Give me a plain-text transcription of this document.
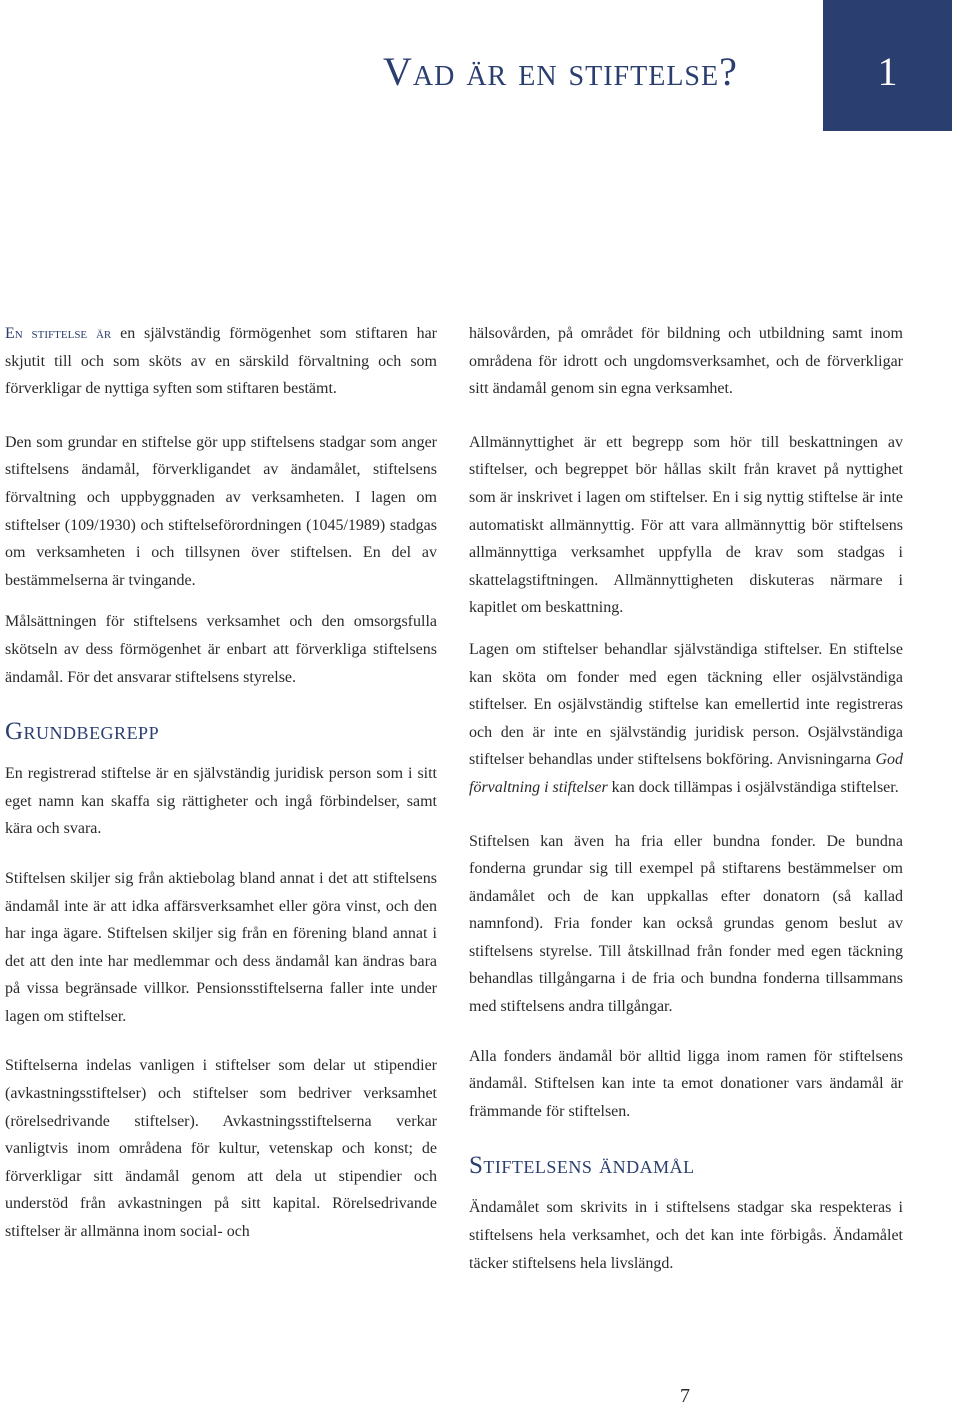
Vad är en stiftelse?	1

En stiftelse är en självständig förmögenhet som stiftaren har skjutit till och som sköts av en särskild förvaltning och som förverkligar de nyttiga syften som stiftaren bestämt.

Den som grundar en stiftelse gör upp stiftelsens stadgar som anger stiftelsens ändamål, förverkligandet av ändamålet, stiftelsens förvaltning och uppbyggnaden av verksamheten. I lagen om stiftelser (109/1930) och stiftelseförordningen (1045/1989) stadgas om verksamheten i och tillsynen över stiftelsen. En del av bestämmelserna är tvingande.

Målsättningen för stiftelsens verksamhet och den omsorgsfulla skötseln av dess förmögenhet är enbart att förverkliga stiftelsens ändamål. För det ansvarar stiftelsens styrelse.

Grundbegrepp

En registrerad stiftelse är en självständig juridisk person som i sitt eget namn kan skaffa sig rättigheter och ingå förbindelser, samt kära och svara.

Stiftelsen skiljer sig från aktiebolag bland annat i det att stiftelsens ändamål inte är att idka affärsverksamhet eller göra vinst, och den har inga ägare. Stiftelsen skiljer sig från en förening bland annat i det att den inte har medlemmar och dess ändamål kan ändras bara på vissa begränsade villkor. Pensionsstiftelserna faller inte under lagen om stiftelser.

Stiftelserna indelas vanligen i stiftelser som delar ut stipendier (avkastningsstiftelser) och stiftelser som bedriver verksamhet (rörelsedrivande stiftelser). Avkastningsstiftelserna verkar vanligtvis inom områdena för kultur, vetenskap och konst; de förverkligar sitt ändamål genom att dela ut stipendier och understöd från avkastningen på sitt kapital. Rörelsedrivande stiftelser är allmänna inom social- och

hälsovården, på området för bildning och utbildning samt inom områdena för idrott och ungdomsverksamhet, och de förverkligar sitt ändamål genom sin egna verksamhet.

Allmännyttighet är ett begrepp som hör till beskattningen av stiftelser, och begreppet bör hållas skilt från kravet på nyttighet som är inskrivet i lagen om stiftelser. En i sig nyttig stiftelse är inte automatiskt allmännyttig. För att vara allmännyttig bör stiftelsens allmännyttiga verksamhet uppfylla de krav som stadgas i skattelagstiftningen. Allmännyttigheten diskuteras närmare i kapitlet om beskattning.

Lagen om stiftelser behandlar självständiga stiftelser. En stiftelse kan sköta om fonder med egen täckning eller osjälvständiga stiftelser. En osjälvständig stiftelse kan emellertid inte registreras och den är inte en självständig juridisk person. Osjälvständiga stiftelser behandlas under stiftelsens bokföring. Anvisningarna God förvaltning i stiftelser kan dock tillämpas i osjälvständiga stiftelser.

Stiftelsen kan även ha fria eller bundna fonder. De bundna fonderna grundar sig till exempel på stiftarens bestämmelser om ändamålet och de kan uppkallas efter donatorn (så kallad namnfond). Fria fonder kan också grundas genom beslut av stiftelsens styrelse. Till åtskillnad från fonder med egen täckning behandlas tillgångarna i de fria och bundna fonderna tillsammans med stiftelsens andra tillgångar.

Alla fonders ändamål bör alltid ligga inom ramen för stiftelsens ändamål. Stiftelsen kan inte ta emot donationer vars ändamål är främmande för stiftelsen.

Stiftelsens ändamål

Ändamålet som skrivits in i stiftelsens stadgar ska respekteras i stiftelsens hela verksamhet, och det kan inte förbigås. Ändamålet täcker stiftelsens hela livslängd.

7
